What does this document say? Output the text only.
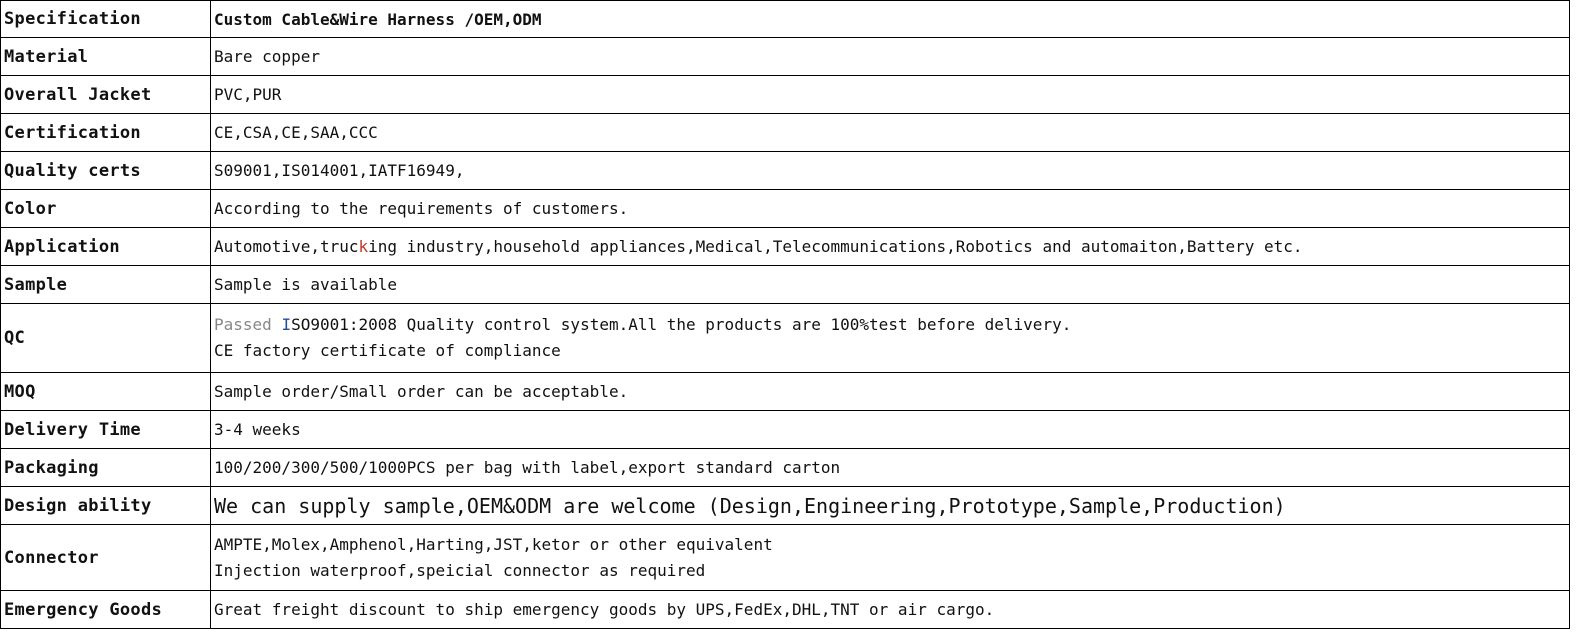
Specification	Custom Cable&Wire Harness /OEM,ODM
Material	Bare copper
Overall Jacket	PVC,PUR
Certification	CE,CSA,CE,SAA,CCC
Quality certs	S09001,IS014001,IATF16949,
Color	According to the requirements of customers.
Application	Automotive,trucking industry,household appliances,Medical,Telecommunications,Robotics and automaiton,Battery etc.
Sample	Sample is available
QC	Passed ISO9001:2008 Quality control system.All the products are 100%test before delivery.
CE factory certificate of compliance

MOQ	Sample order/Small order can be acceptable.
Delivery Time	3-4 weeks
Packaging	100/200/300/500/1000PCS per bag with label,export standard carton
Design ability	We can supply sample,OEM&ODM are welcome (Design,Engineering,Prototype,Sample,Production)
Connector	AMPTE,Molex,Amphenol,Harting,JST,ketor or other equivalent
Injection waterproof,speicial connector as required

Emergency Goods	Great freight discount to ship emergency goods by UPS,FedEx,DHL,TNT or air cargo.
